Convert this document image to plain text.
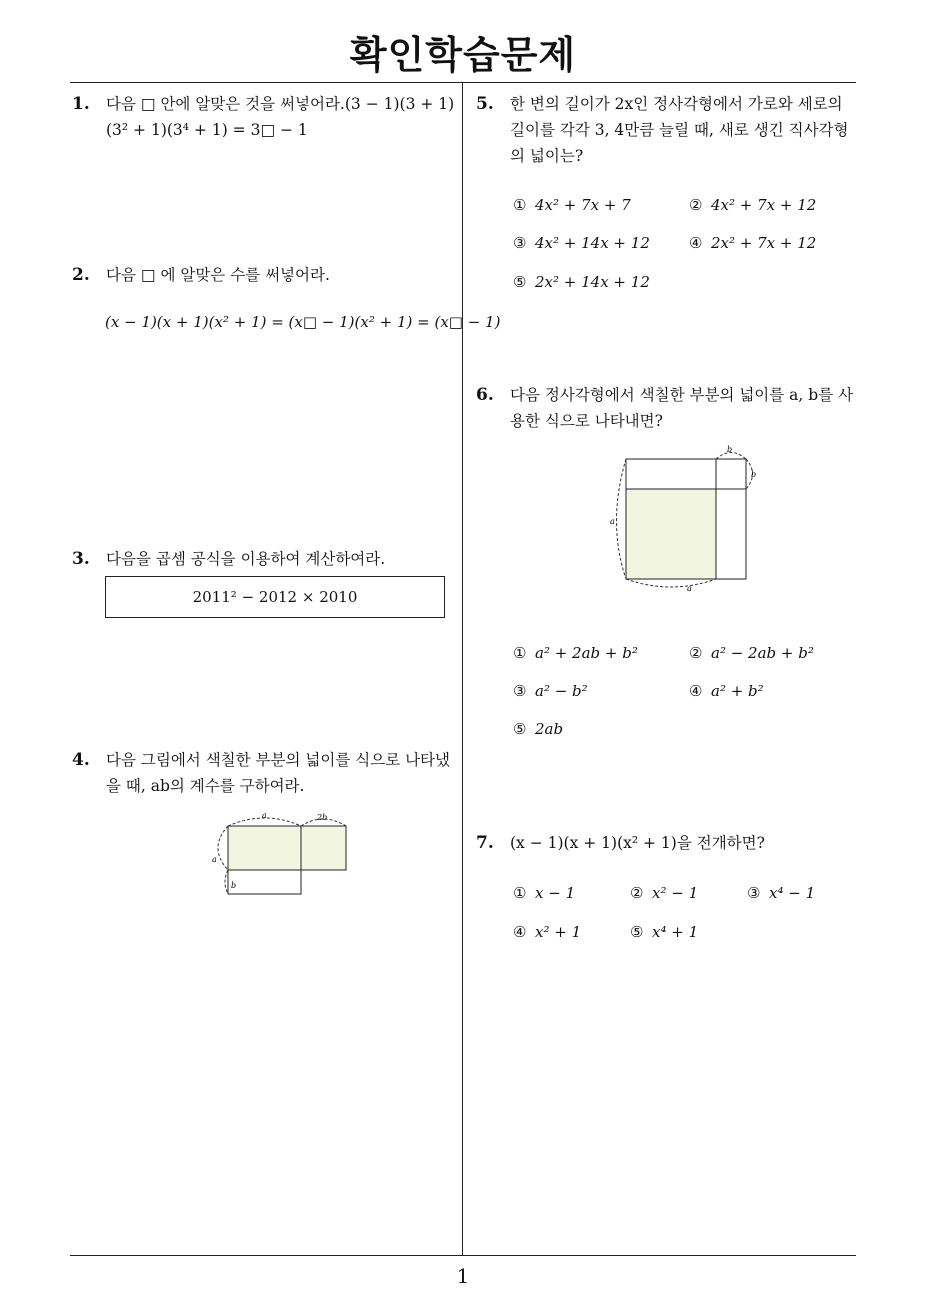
확인학습문제
1
1. 다음 □ 안에 알맞은 것을 써넣어라.(3 − 1)(3 + 1)(3² + 1)(3⁴ + 1) = 3□ − 1
2. 다음 □ 에 알맞은 수를 써넣어라.
(x − 1)(x + 1)(x² + 1) = (x□ − 1)(x² + 1) = (x□ − 1)
3. 다음을 곱셈 공식을 이용하여 계산하여라.
2011² − 2012 × 2010
4. 다음 그림에서 색칠한 부분의 넓이를 식으로 나타냈을 때, ab의 계수를 구하여라.
a	2b
a
b
5. 한 변의 길이가 2x인 정사각형에서 가로와 세로의 길이를 각각 3, 4만큼 늘릴 때, 새로 생긴 직사각형의 넓이는?
① 4x² + 7x + 7	② 4x² + 7x + 12
③ 4x² + 14x + 12	④ 2x² + 7x + 12
⑤ 2x² + 14x + 12
6. 다음 정사각형에서 색칠한 부분의 넓이를 a, b를 사용한 식으로 나타내면?
b
b
a
a
① a² + 2ab + b²	② a² − 2ab + b²
③ a² − b²	④ a² + b²
⑤ 2ab
7. (x − 1)(x + 1)(x² + 1)을 전개하면?
① x − 1	② x² − 1	③ x⁴ − 1
④ x² + 1	⑤ x⁴ + 1
